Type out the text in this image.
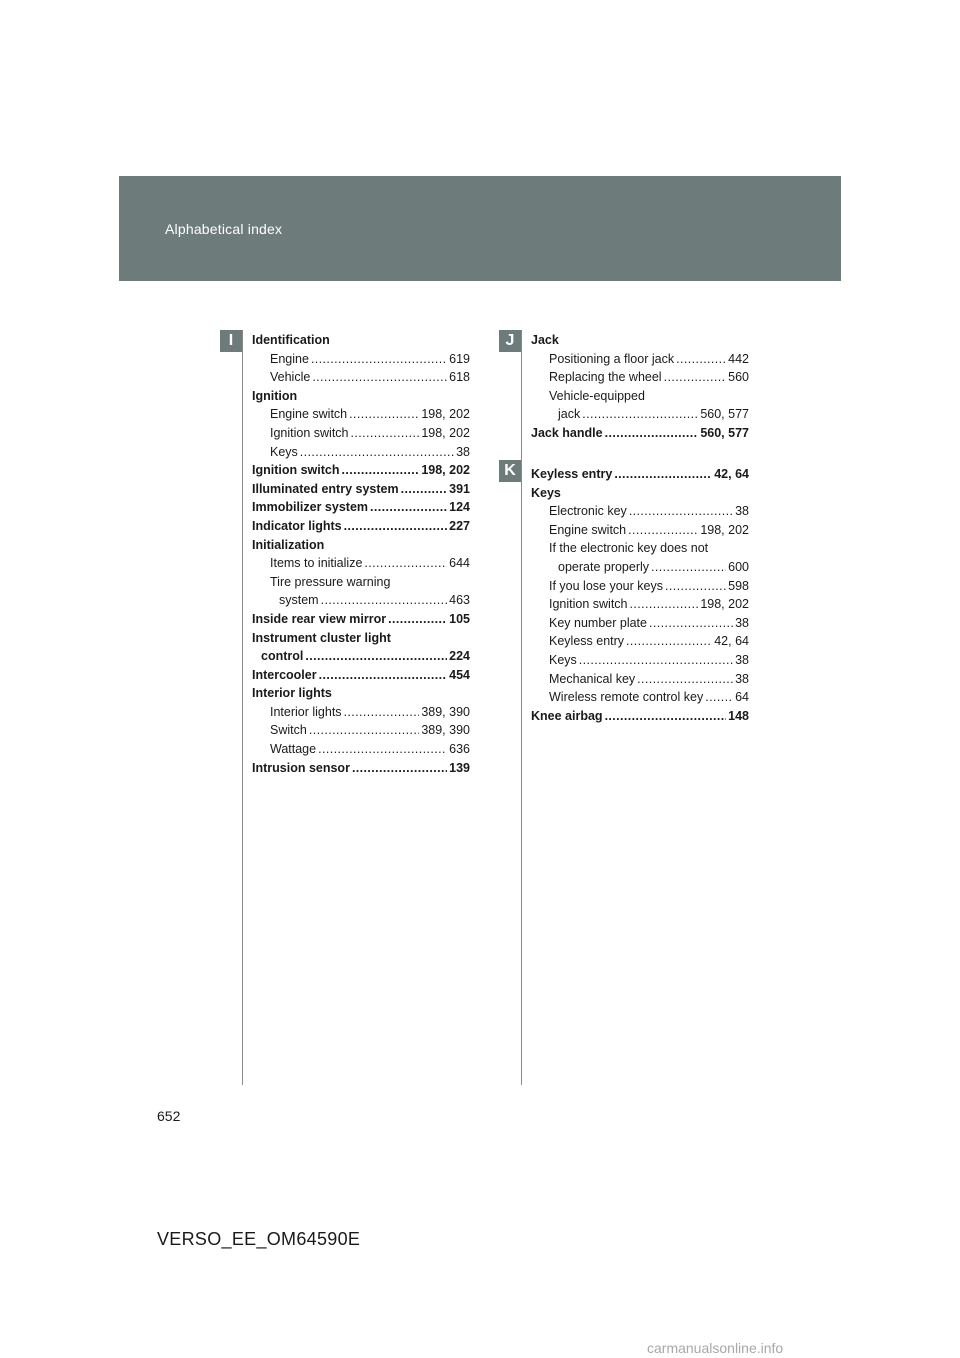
Alphabetical index
I	J
K
Identification
Engine .....	619
Vehicle .....	618
Ignition
Engine switch .....	198, 202
Ignition switch .....	198, 202
Keys .....	38
Ignition switch .....	198, 202
Illuminated entry system .....	391
Immobilizer system .....	124
Indicator lights .....	227
Initialization
Items to initialize .....	644
Tire pressure warning
system .....	463
Inside rear view mirror .....	105
Instrument cluster light
control .....	224
Intercooler .....	454
Interior lights
Interior lights .....	389, 390
Switch .....	389, 390
Wattage .....	636
Intrusion sensor .....	139
Jack
Positioning a floor jack .....	442
Replacing the wheel .....	560
Vehicle-equipped
jack .....	560, 577
Jack handle .....	560, 577
Keyless entry .....	42, 64
Keys
Electronic key .....	38
Engine switch .....	198, 202
If the electronic key does not
operate properly .....	600
If you lose your keys .....	598
Ignition switch .....	198, 202
Key number plate .....	38
Keyless entry .....	42, 64
Keys .....	38
Mechanical key .....	38
Wireless remote control key .....	64
Knee airbag .....	148
652
VERSO_EE_OM64590E
carmanualsonline.info
